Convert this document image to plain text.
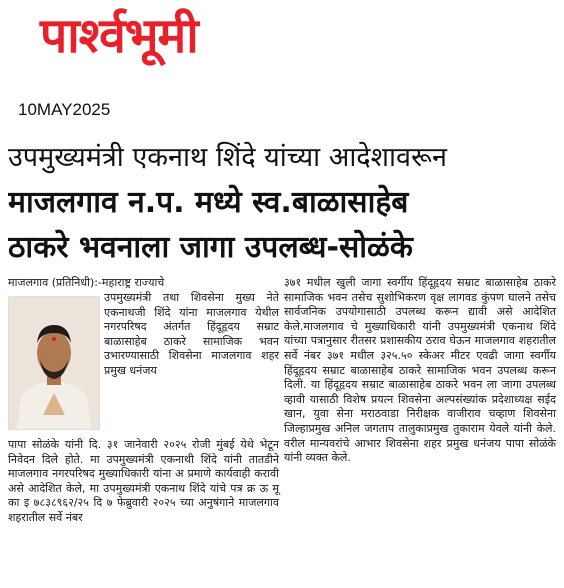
पार्श्वभूमी
10MAY2025
उपमुख्यमंत्री एकनाथ शिंदे यांच्या आदेशावरून
माजलगाव न.प. मध्ये स्व.बाळासाहेब
ठाकरे भवनाला जागा उपलब्ध-सोळंके

माजलगाव (प्रतिनिधी):-महाराष्ट्र राज्याचे

उपमुख्यमंत्री तथा शिवसेना मुख्य नेते एकनाथजी शिंदे यांना माजलगाव येथील नगरपरिषद अंतर्गत हिंदूहृदय सम्राट बाळासाहेब ठाकरे सामाजिक भवन उभारण्यासाठी शिवसेना माजलगाव शहर प्रमुख धनंजय

पापा सोळंके यांनी दि. ३१ जानेवारी २०२५ रोजी मुंबई येथे भेटून निवेदन दिले होते. मा उपमुख्यमंत्री एकनाथी शिंदे यांनी तातडीने माजलगाव नगरपरिषद मुख्याधिकारी यांना अ प्रमाणे कार्यवाही करावी असे आदेशित केले, मा उपमुख्यमंत्री एकनाथ शिंदे यांचे पत्र क्र ऊ मू का इ ७८३८९६२/२५ दि ७ फेब्रुवारी २०२५ च्या अनुषंगाने माजलगाव शहरातील सर्वे नंबर

३७१ मधील खुली जागा स्वर्गीय हिंदूहृदय सम्राट बाळासाहेब ठाकरे सामाजिक भवन तसेच सुशोभिकरण वृक्ष लागवड कुंपण घालने तसेच सार्वजनिक उपयोगासाठी उपलब्ध करून द्यावी असे आदेशित केले.माजलगाव चे मुख्याधिकारी यांनी उपमुख्यमंत्री एकनाथ शिंदे यांच्या पत्रानुसार रीतसर प्रशासकीय ठराव घेऊन माजलगाव शहरातील सर्वे नंबर ३७१ मधील ३२५.५० स्केअर मीटर एवढी जागा स्वर्गीय हिंदूहृदय सम्राट बाळासाहेब ठाकरे सामाजिक भवन उपलब्ध करून दिली. या हिंदूहृदय सम्राट बाळासाहेब ठाकरे भवन ला जागा उपलब्ध व्हावी यासाठी विशेष प्रयत्न शिवसेना अल्पसंख्यांक प्रदेशाध्यक्ष सईद खान, युवा सेना मराठवाडा निरीक्षक वाजीराव चव्हाण शिवसेना जिल्हाप्रमुख अनिल जगताप तालुकाप्रमुख तुकाराम येवले यांनी केले. वरील मान्यवरांचे आभार शिवसेना शहर प्रमुख धनंजय पापा सोळंके यांनी व्यक्त केले.
